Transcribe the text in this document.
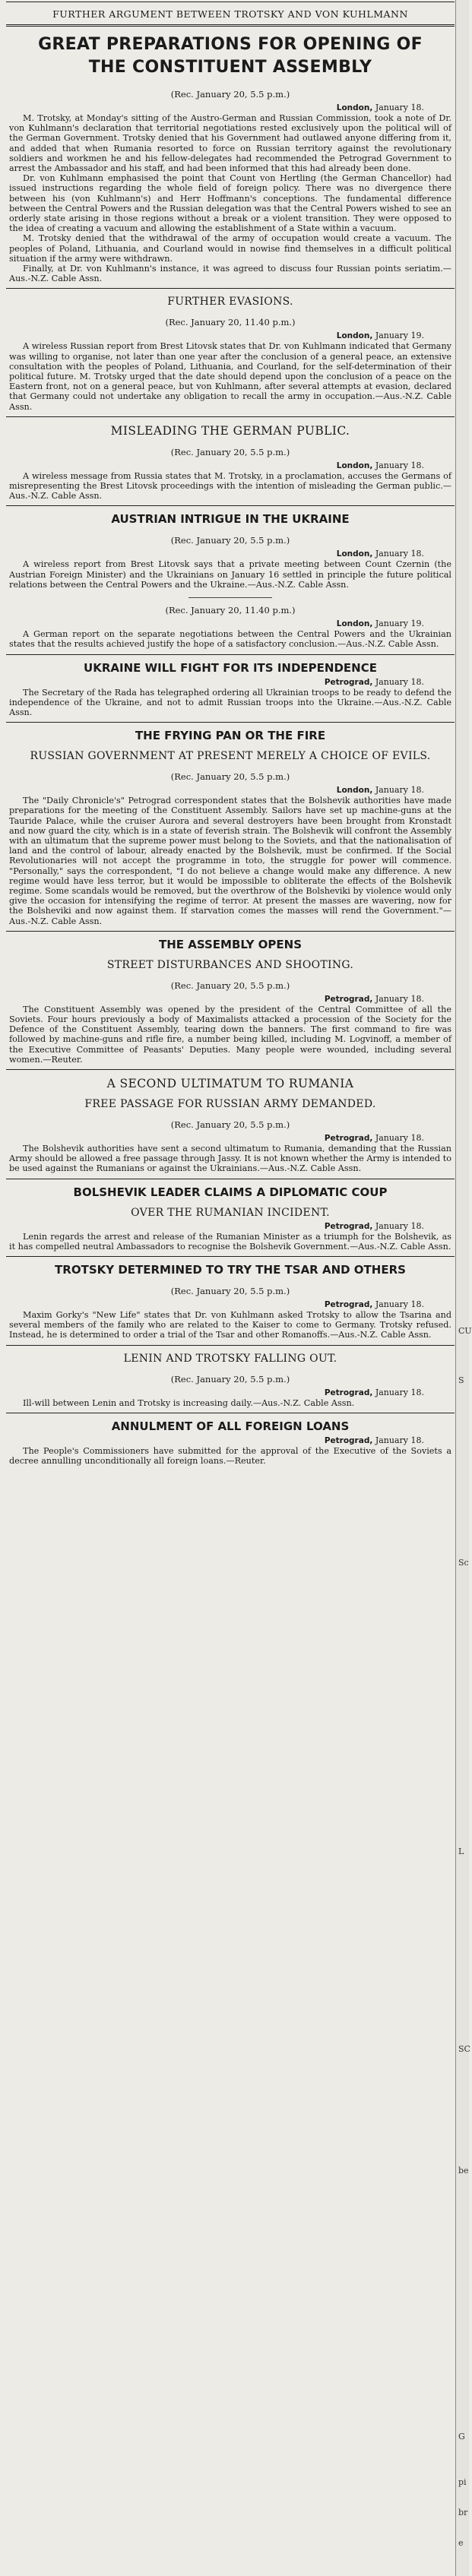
FURTHER ARGUMENT BETWEEN TROTSKY AND VON KUHLMANN
GREAT PREPARATIONS FOR OPENING OF THE CONSTITUENT ASSEMBLY
(Rec. January 20, 5.5 p.m.)
London, January 18.

M. Trotsky, at Monday's sitting of the Austro-German and Russian Commission, took a note of Dr. von Kuhlmann's declaration that territorial negotiations rested exclusively upon the political will of the German Government. Trotsky denied that his Government had outlawed anyone differing from it, and added that when Rumania resorted to force on Russian territory against the revolutionary soldiers and workmen he and his fellow-delegates had recommended the Petrograd Government to arrest the Ambassador and his staff, and had been informed that this had already been done.

Dr. von Kuhlmann emphasised the point that Count von Hertling (the German Chancellor) had issued instructions regarding the whole field of foreign policy. There was no divergence there between his (von Kuhlmann's) and Herr Hoffmann's conceptions. The fundamental difference between the Central Powers and the Russian delegation was that the Central Powers wished to see an orderly state arising in those regions without a break or a violent transition. They were opposed to the idea of creating a vacuum and allowing the establishment of a State within a vacuum.

M. Trotsky denied that the withdrawal of the army of occupation would create a vacuum. The peoples of Poland, Lithuania, and Courland would in nowise find themselves in a difficult political situation if the army were withdrawn.

Finally, at Dr. von Kuhlmann's instance, it was agreed to discuss four Russian points seriatim.—Aus.-N.Z. Cable Assn.

FURTHER EVASIONS.
(Rec. January 20, 11.40 p.m.)
London, January 19.

A wireless Russian report from Brest Litovsk states that Dr. von Kuhlmann indicated that Germany was willing to organise, not later than one year after the conclusion of a general peace, an extensive consultation with the peoples of Poland, Lithuania, and Courland, for the self-determination of their political future. M. Trotsky urged that the date should depend upon the conclusion of a peace on the Eastern front, not on a general peace, but von Kuhlmann, after several attempts at evasion, declared that Germany could not undertake any obligation to recall the army in occupation.—Aus.-N.Z. Cable Assn.

MISLEADING THE GERMAN PUBLIC.
(Rec. January 20, 5.5 p.m.)
London, January 18.

A wireless message from Russia states that M. Trotsky, in a proclamation, accuses the Germans of misrepresenting the Brest Litovsk proceedings with the intention of misleading the German public.—Aus.-N.Z. Cable Assn.

AUSTRIAN INTRIGUE IN THE UKRAINE
(Rec. January 20, 5.5 p.m.)
London, January 18.

A wireless report from Brest Litovsk says that a private meeting between Count Czernin (the Austrian Foreign Minister) and the Ukrainians on January 16 settled in principle the future political relations between the Central Powers and the Ukraine.—Aus.-N.Z. Cable Assn.

(Rec. January 20, 11.40 p.m.)
London, January 19.

A German report on the separate negotiations between the Central Powers and the Ukrainian states that the results achieved justify the hope of a satisfactory conclusion.—Aus.-N.Z. Cable Assn.

UKRAINE WILL FIGHT FOR ITS INDEPENDENCE
Petrograd, January 18.

The Secretary of the Rada has telegraphed ordering all Ukrainian troops to be ready to defend the independence of the Ukraine, and not to admit Russian troops into the Ukraine.—Aus.-N.Z. Cable Assn.

THE FRYING PAN OR THE FIRE
RUSSIAN GOVERNMENT AT PRESENT MERELY A CHOICE OF EVILS.
(Rec. January 20, 5.5 p.m.)
London, January 18.

The "Daily Chronicle's" Petrograd correspondent states that the Bolshevik authorities have made preparations for the meeting of the Constituent Assembly. Sailors have set up machine-guns at the Tauride Palace, while the cruiser Aurora and several destroyers have been brought from Kronstadt and now guard the city, which is in a state of feverish strain. The Bolshevik will confront the Assembly with an ultimatum that the supreme power must belong to the Soviets, and that the nationalisation of land and the control of labour, already enacted by the Bolshevik, must be confirmed. If the Social Revolutionaries will not accept the programme in toto, the struggle for power will commence. "Personally," says the correspondent, "I do not believe a change would make any difference. A new regime would have less terror, but it would be impossible to obliterate the effects of the Bolshevik regime. Some scandals would be removed, but the overthrow of the Bolsheviki by violence would only give the occasion for intensifying the regime of terror. At present the masses are wavering, now for the Bolsheviki and now against them. If starvation comes the masses will rend the Government."—Aus.-N.Z. Cable Assn.

THE ASSEMBLY OPENS
STREET DISTURBANCES AND SHOOTING.
(Rec. January 20, 5.5 p.m.)
Petrograd, January 18.

The Constituent Assembly was opened by the president of the Central Committee of all the Soviets. Four hours previously a body of Maximalists attacked a procession of the Society for the Defence of the Constituent Assembly, tearing down the banners. The first command to fire was followed by machine-guns and rifle fire, a number being killed, including M. Logvinoff, a member of the Executive Committee of Peasants' Deputies. Many people were wounded, including several women.—Reuter.

A SECOND ULTIMATUM TO RUMANIA
FREE PASSAGE FOR RUSSIAN ARMY DEMANDED.
(Rec. January 20, 5.5 p.m.)
Petrograd, January 18.

The Bolshevik authorities have sent a second ultimatum to Rumania, demanding that the Russian Army should be allowed a free passage through Jassy. It is not known whether the Army is intended to be used against the Rumanians or against the Ukrainians.—Aus.-N.Z. Cable Assn.

BOLSHEVIK LEADER CLAIMS A DIPLOMATIC COUP
OVER THE RUMANIAN INCIDENT.
Petrograd, January 18.

Lenin regards the arrest and release of the Rumanian Minister as a triumph for the Bolshevik, as it has compelled neutral Ambassadors to recognise the Bolshevik Government.—Aus.-N.Z. Cable Assn.

TROTSKY DETERMINED TO TRY THE TSAR AND OTHERS
(Rec. January 20, 5.5 p.m.)
Petrograd, January 18.

Maxim Gorky's "New Life" states that Dr. von Kuhlmann asked Trotsky to allow the Tsarina and several members of the family who are related to the Kaiser to come to Germany. Trotsky refused. Instead, he is determined to order a trial of the Tsar and other Romanoffs.—Aus.-N.Z. Cable Assn.

LENIN AND TROTSKY FALLING OUT.
(Rec. January 20, 5.5 p.m.)
Petrograd, January 18.

Ill-will between Lenin and Trotsky is increasing daily.—Aus.-N.Z. Cable Assn.

ANNULMENT OF ALL FOREIGN LOANS
Petrograd, January 18.

The People's Commissioners have submitted for the approval of the Executive of the Soviets a decree annulling unconditionally all foreign loans.—Reuter.

CU
S
Sc
L
SC
be
G
pi
br
e
